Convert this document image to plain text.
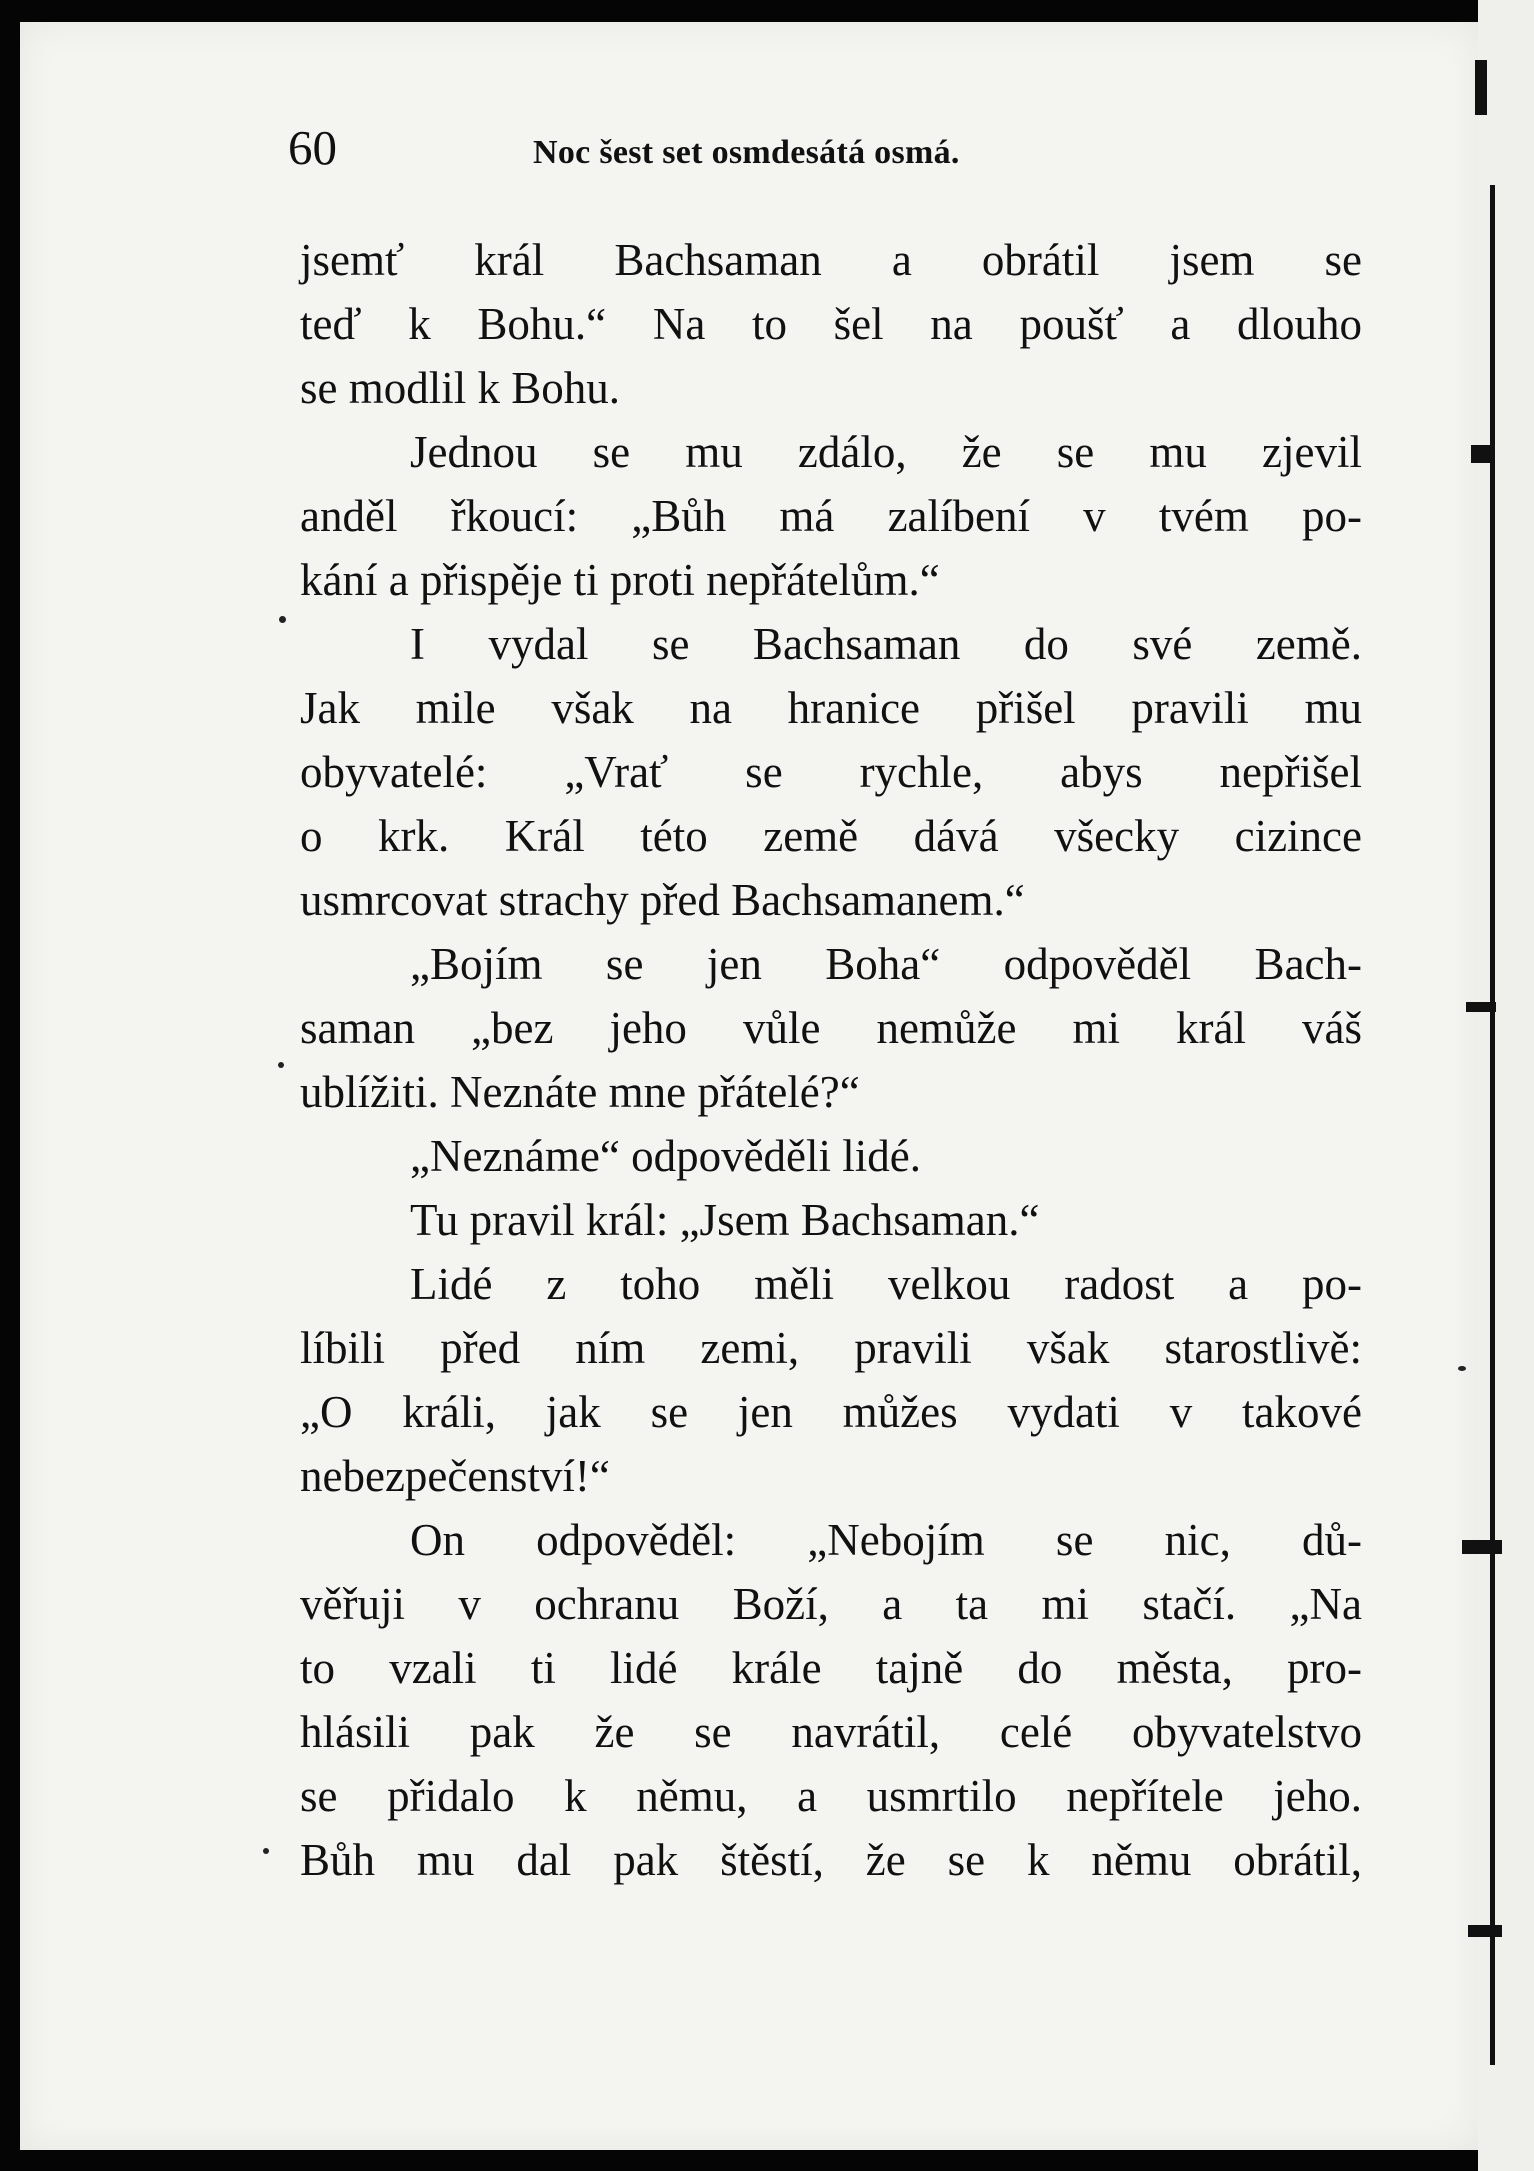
60	Noc šest set osmdesátá osmá.
jsemť král Bachsaman a obrátil jsem se
teď k Bohu.“ Na to šel na poušť a dlouho
se modlil k Bohu.
Jednou se mu zdálo, že se mu zjevil
anděl řkoucí: „Bůh má zalíbení v tvém po-
kání a přispěje ti proti nepřátelům.“
I vydal se Bachsaman do své země.
Jak mile však na hranice přišel pravili mu
obyvatelé: „Vrať se rychle, abys nepřišel
o krk. Král této země dává všecky cizince
usmrcovat strachy před Bachsamanem.“
„Bojím se jen Boha“ odpověděl Bach-
saman „bez jeho vůle nemůže mi král váš
ublížiti. Neznáte mne přátelé?“
„Neznáme“ odpověděli lidé.
Tu pravil král: „Jsem Bachsaman.“
Lidé z toho měli velkou radost a po-
líbili před ním zemi, pravili však starostlivě:
„O králi, jak se jen můžes vydati v takové
nebezpečenství!“
On odpověděl: „Nebojím se nic, dů-
věřuji v ochranu Boží, a ta mi stačí. „Na
to vzali ti lidé krále tajně do města, pro-
hlásili pak že se navrátil, celé obyvatelstvo
se přidalo k němu, a usmrtilo nepřítele jeho.
Bůh mu dal pak štěstí, že se k němu obrátil,
